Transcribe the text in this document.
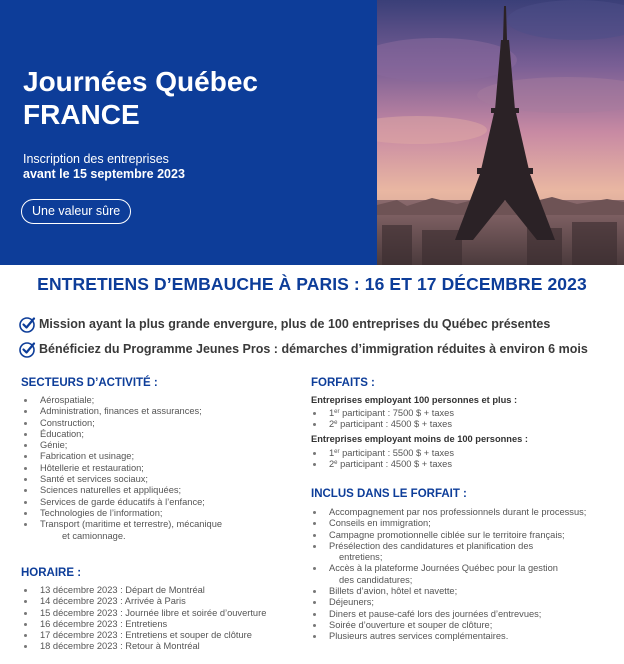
Journées Québec
FRANCE
Inscription des entreprises
avant le 15 septembre 2023
Une valeur sûre
ENTRETIENS D’EMBAUCHE À PARIS : 16 ET 17 DÉCEMBRE 2023
Mission ayant la plus grande envergure, plus de 100 entreprises du Québec présentes
Bénéficiez du Programme Jeunes Pros : démarches d’immigration réduites à environ 6 mois
SECTEURS D’ACTIVITÉ :
Aérospatiale;
Administration, finances et assurances;
Construction;
Éducation;
Génie;
Fabrication et usinage;
Hôtellerie et restauration;
Santé et services sociaux;
Sciences naturelles et appliquées;
Services de garde éducatifs à l’enfance;
Technologies de l’information;
Transport (maritime et terrestre), mécanique
et camionnage.
HORAIRE :
13 décembre 2023 : Départ de Montréal
14 décembre 2023 : Arrivée à Paris
15 décembre 2023 : Journée libre et soirée d’ouverture
16 décembre 2023 : Entretiens
17 décembre 2023 : Entretiens et souper de clôture
18 décembre 2023 : Retour à Montréal
FORFAITS :
Entreprises employant 100 personnes et plus :
1er participant : 7500 $ + taxes
2e participant : 4500 $ + taxes
Entreprises employant moins de 100 personnes :
1er participant : 5500 $ + taxes
2e participant : 4500 $ + taxes
INCLUS DANS LE FORFAIT :
Accompagnement par nos professionnels durant le processus;
Conseils en immigration;
Campagne promotionnelle ciblée sur le territoire français;
Présélection des candidatures et planification des
entretiens;
Accès à la plateforme Journées Québec pour la gestion
des candidatures;
Billets d’avion, hôtel et navette;
Déjeuners;
Diners et pause-café lors des journées d’entrevues;
Soirée d’ouverture et souper de clôture;
Plusieurs autres services complémentaires.
